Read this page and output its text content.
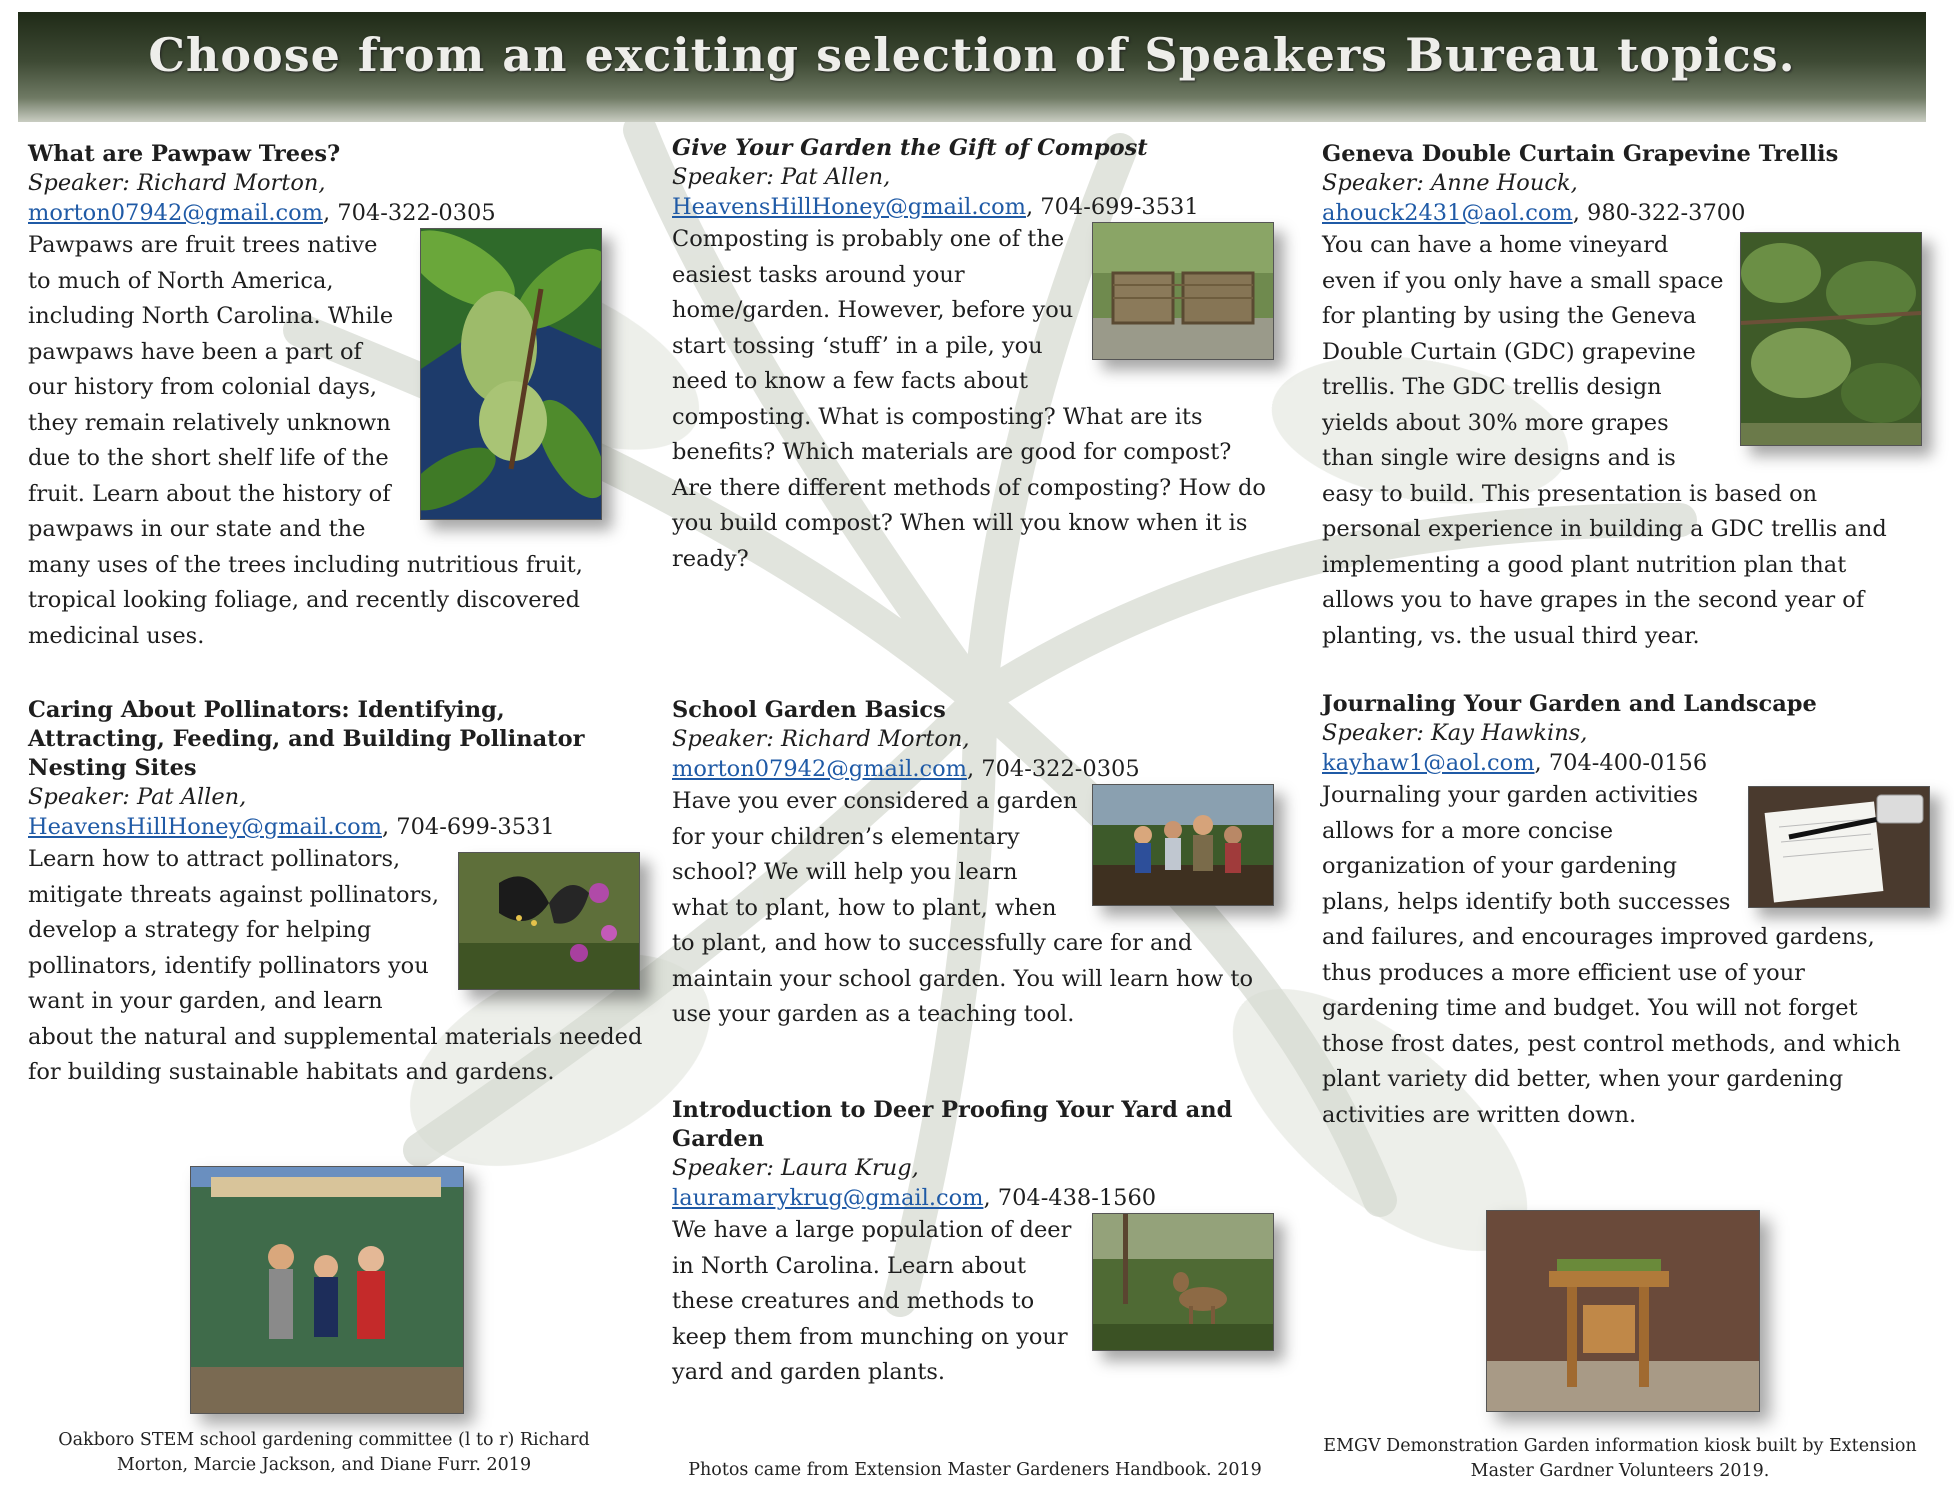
Choose from an exciting selection of Speakers Bureau topics.
What are Pawpaw Trees?
Speaker: Richard Morton,
morton07942@gmail.com, 704-322-0305

Pawpaws are fruit trees native to much of North America, including North Carolina. While pawpaws have been a part of our history from colonial days, they remain relatively unknown due to the short shelf life of the fruit. Learn about the history of pawpaws in our state and the many uses of the trees including nutritious fruit, tropical looking foliage, and recently discovered medicinal uses.

Caring About Pollinators: Identifying, Attracting, Feeding, and Building Pollinator Nesting Sites
Speaker: Pat Allen,
HeavensHillHoney@gmail.com, 704-699-3531

Learn how to attract pollinators, mitigate threats against pollinators, develop a strategy for helping pollinators, identify pollinators you want in your garden, and learn about the natural and supplemental materials needed for building sustainable habitats and gardens.

Give Your Garden the Gift of Compost
Speaker: Pat Allen,
HeavensHillHoney@gmail.com, 704-699-3531

Composting is probably one of the easiest tasks around your home/garden. However, before you start tossing ‘stuff’ in a pile, you need to know a few facts about composting. What is composting? What are its benefits? Which materials are good for compost? Are there different methods of composting? How do you build compost? When will you know when it is ready?

School Garden Basics
Speaker: Richard Morton,
morton07942@gmail.com, 704-322-0305

Have you ever considered a garden for your children’s elementary school? We will help you learn what to plant, how to plant, when to plant, and how to successfully care for and maintain your school garden. You will learn how to use your garden as a teaching tool.

Introduction to Deer Proofing Your Yard and Garden
Speaker: Laura Krug,
lauramarykrug@gmail.com, 704-438-1560

We have a large population of deer in North Carolina. Learn about these creatures and methods to keep them from munching on your yard and garden plants.

Geneva Double Curtain Grapevine Trellis
Speaker: Anne Houck,
ahouck2431@aol.com, 980-322-3700

You can have a home vineyard even if you only have a small space for planting by using the Geneva Double Curtain (GDC) grapevine trellis. The GDC trellis design yields about 30% more grapes than single wire designs and is easy to build. This presentation is based on personal experience in building a GDC trellis and implementing a good plant nutrition plan that allows you to have grapes in the second year of planting, vs. the usual third year.

Journaling Your Garden and Landscape
Speaker: Kay Hawkins,
kayhaw1@aol.com, 704-400-0156

Journaling your garden activities allows for a more concise organization of your gardening plans, helps identify both successes and failures, and encourages improved gardens, thus produces a more efficient use of your gardening time and budget. You will not forget those frost dates, pest control methods, and which plant variety did better, when your gardening activities are written down.

Oakboro STEM school gardening committee (l to r) Richard Morton, Marcie Jackson, and Diane Furr. 2019	Photos came from Extension Master Gardeners Handbook. 2019
EMGV Demonstration Garden information kiosk built by Extension Master Gardner Volunteers 2019.
